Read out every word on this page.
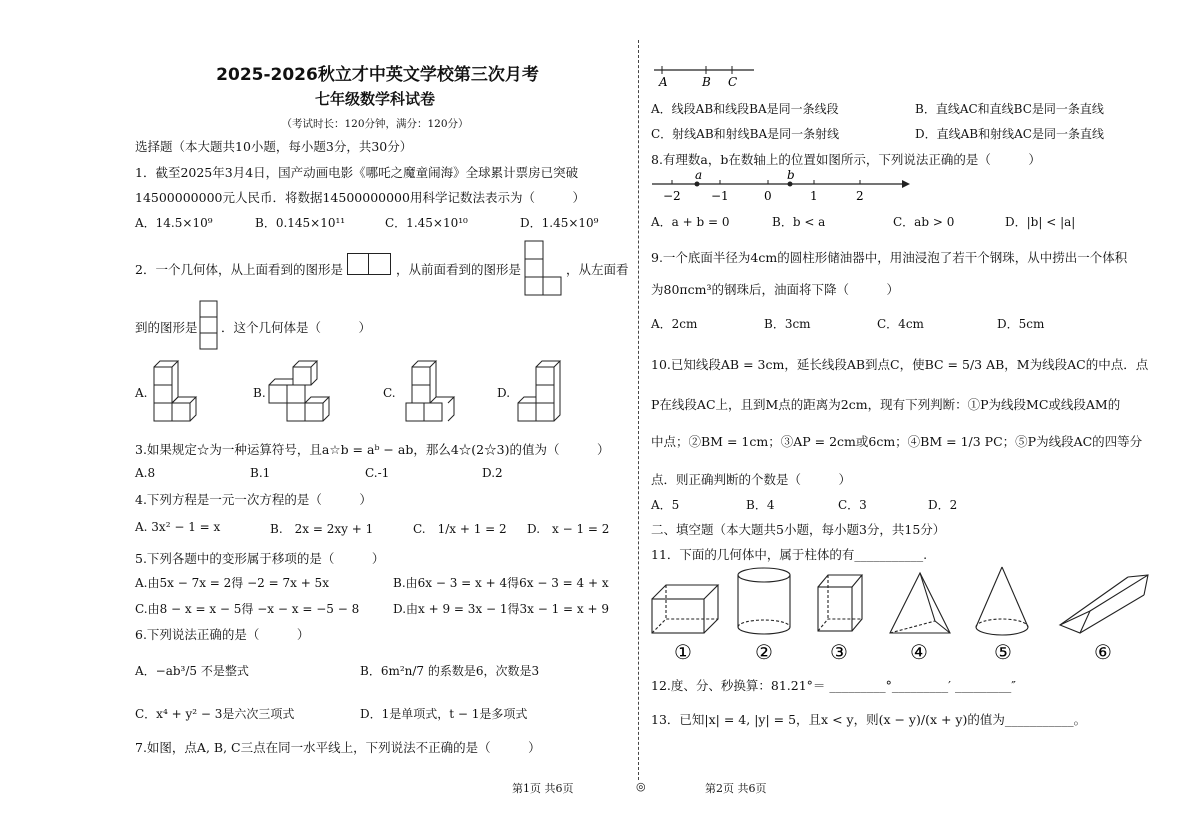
2025-2026秋立才中英文学校第三次月考
七年级数学科试卷
（考试时长：120分钟，满分：120分）
选择题（本大题共10小题，每小题3分，共30分）
1．截至2025年3月4日，国产动画电影《哪吒之魔童闹海》全球累计票房已突破
14500000000元人民币．将数据14500000000用科学记数法表示为（　　　）
A．14.5×10⁹	B．0.145×10¹¹	C．1.45×10¹⁰	D．1.45×10⁹
2．一个几何体，从上面看到的图形是	，从前面看到的图形是	，从左面看
到的图形是 ．这个几何体是（　　　）
A.	B.	C.	D.
3.如果规定☆为一种运算符号，且a☆b = aᵇ − ab，那么4☆(2☆3)的值为（　　　）
A.8	B.1	C.-1	D.2
4.下列方程是一元一次方程的是（　　　）
A. 3x² − 1 = x	B.　2x = 2xy + 1	C.　1/x + 1 = 2 D.　x − 1 = 2
5.下列各题中的变形属于移项的是（　　　）
A.由5x − 7x = 2得 −2 = 7x + 5x	B.由6x − 3 = x + 4得6x − 3 = 4 + x
C.由8 − x = x − 5得 −x − x = −5 − 8	D.由x + 9 = 3x − 1得3x − 1 = x + 9
6.下列说法正确的是（　　　）
A．−ab³/5 不是整式	B．6m²n/7 的系数是6，次数是3
C．x⁴ + y² − 3是六次三项式	D．1是单项式，t − 1是多项式
7.如图，点A, B, C三点在同一水平线上，下列说法不正确的是（　　　）
A	B C
A．线段AB和线段BA是同一条线段	B．直线AC和直线BC是同一条直线
C．射线AB和射线BA是同一条射线	D．直线AB和射线AC是同一条直线
8.有理数a，b在数轴上的位置如图所示，下列说法正确的是（　　　）
a	b
−2	−1	0	1	2
A．a + b = 0	B．b < a	C．ab > 0	D．|b| < |a|
9.一个底面半径为4cm的圆柱形储油器中，用油浸泡了若干个钢珠，从中捞出一个体积
为80πcm³的钢珠后，油面将下降（　　　）
A．2cm	B．3cm	C．4cm	D．5cm
10.已知线段AB = 3cm，延长线段AB到点C，使BC = 5/3 AB，M为线段AC的中点．点
P在线段AC上，且到M点的距离为2cm，现有下列判断：①P为线段MC或线段AM的
中点；②BM = 1cm；③AP = 2cm或6cm；④BM = 1/3 PC；⑤P为线段AC的四等分
点．则正确判断的个数是（　　　）
A．5	B．4	C．3	D．2
二、填空题（本大题共5小题，每小题3分，共15分）
11．下面的几何体中，属于柱体的有___________.
①	②	③	④	⑤	⑥
12.度、分、秒换算：81.21°＝ _________°_________′ _________″
13．已知|x| = 4, |y| = 5，且x < y，则(x − y)/(x + y)的值为___________。
第1页 共6页	◎	第2页 共6页
